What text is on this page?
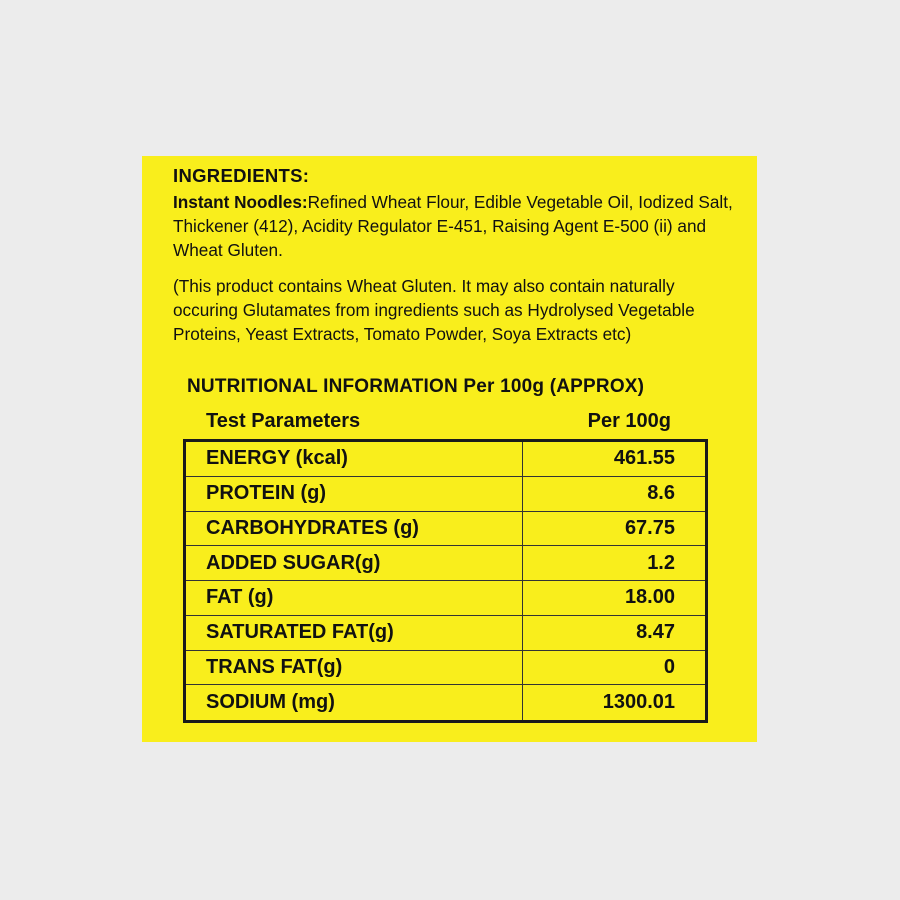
INGREDIENTS:
Instant Noodles:Refined Wheat Flour, Edible Vegetable Oil, Iodized Salt, Thickener (412), Acidity Regulator E-451, Raising Agent E-500 (ii) and Wheat Gluten.
(This product contains Wheat Gluten. It may also contain naturally occuring Glutamates from ingredients such as Hydrolysed Vegetable Proteins, Yeast Extracts, Tomato Powder, Soya Extracts etc)
NUTRITIONAL INFORMATION Per 100g (APPROX)
Test Parameters	Per 100g
ENERGY (kcal)	461.55
PROTEIN (g)	8.6
CARBOHYDRATES (g)	67.75
ADDED SUGAR(g)	1.2
FAT (g)	18.00
SATURATED FAT(g)	8.47
TRANS FAT(g)	0
SODIUM (mg)	1300.01
